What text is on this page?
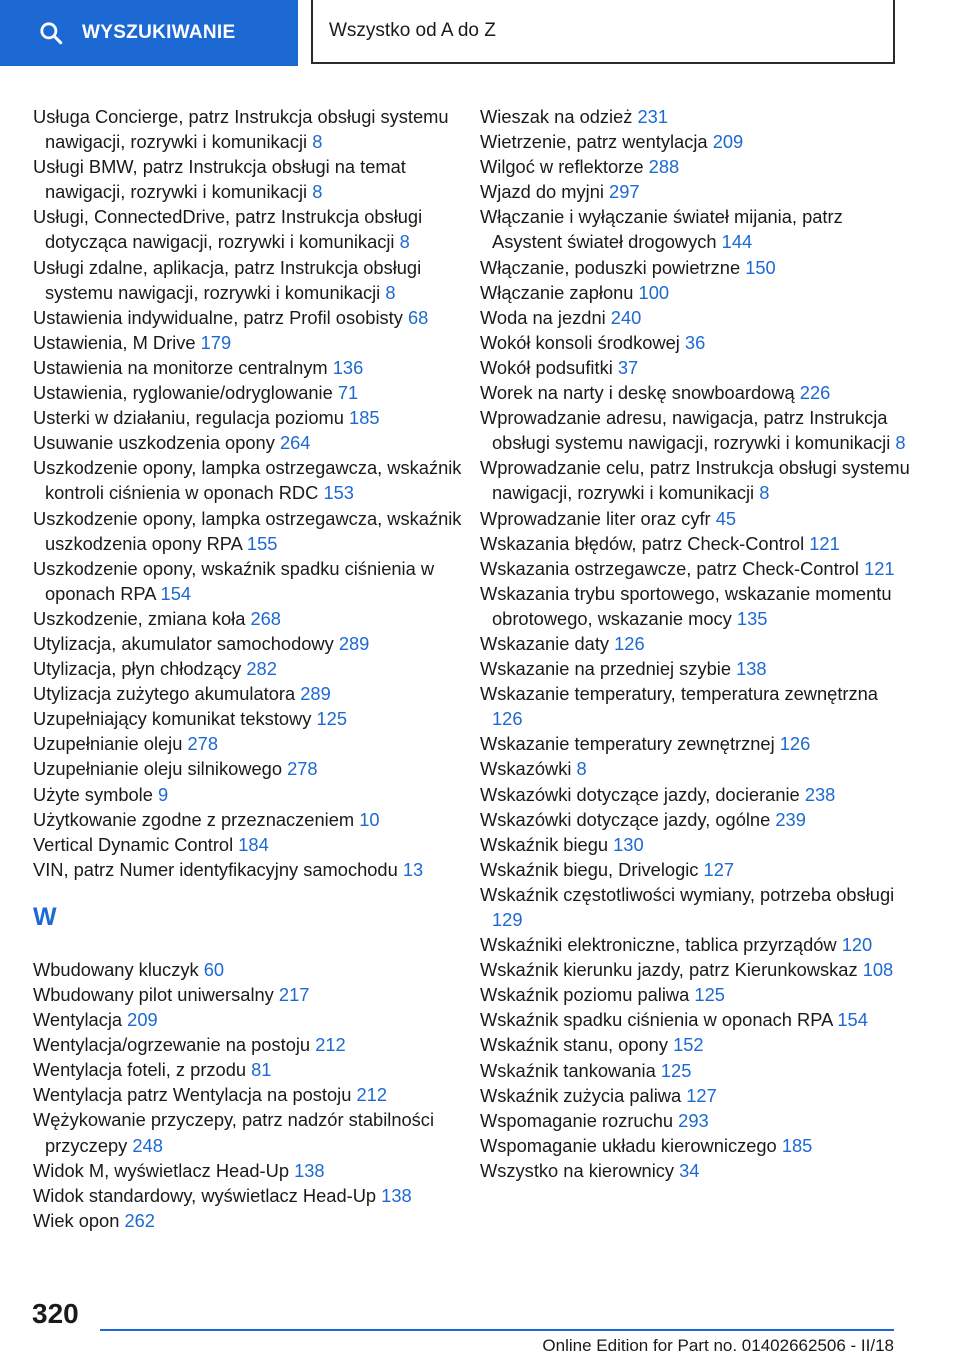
WYSZUKIWANIE	Wszystko od A do Z

Usługa Concierge, patrz Instrukcja obsługi systemu nawigacji, rozrywki i komunikacji 8

Usługi BMW, patrz Instrukcja obsługi na temat nawigacji, rozrywki i komunikacji 8

Usługi, ConnectedDrive, patrz Instrukcja obsługi dotycząca nawigacji, rozrywki i komunikacji 8

Usługi zdalne, aplikacja, patrz Instrukcja obsługi systemu nawigacji, rozrywki i komunikacji 8

Ustawienia indywidualne, patrz Profil osobisty 68

Ustawienia, M Drive 179

Ustawienia na monitorze centralnym 136

Ustawienia, ryglowanie/odryglowanie 71

Usterki w działaniu, regulacja poziomu 185

Usuwanie uszkodzenia opony 264

Uszkodzenie opony, lampka ostrzegawcza, wskaźnik kontroli ciśnienia w oponach RDC 153

Uszkodzenie opony, lampka ostrzegawcza, wskaźnik uszkodzenia opony RPA 155

Uszkodzenie opony, wskaźnik spadku ciśnienia w oponach RPA 154

Uszkodzenie, zmiana koła 268

Utylizacja, akumulator samochodowy 289

Utylizacja, płyn chłodzący 282

Utylizacja zużytego akumulatora 289

Uzupełniający komunikat tekstowy 125

Uzupełnianie oleju 278

Uzupełnianie oleju silnikowego 278

Użyte symbole 9

Użytkowanie zgodne z przeznaczeniem 10

Vertical Dynamic Control 184

VIN, patrz Numer identyfikacyjny samochodu 13

W

Wbudowany kluczyk 60

Wbudowany pilot uniwersalny 217

Wentylacja 209

Wentylacja/ogrzewanie na postoju 212

Wentylacja foteli, z przodu 81

Wentylacja patrz Wentylacja na postoju 212

Wężykowanie przyczepy, patrz nadzór stabilności przyczepy 248

Widok M, wyświetlacz Head-Up 138

Widok standardowy, wyświetlacz Head-Up 138

Wiek opon 262

Wieszak na odzież 231

Wietrzenie, patrz wentylacja 209

Wilgoć w reflektorze 288

Wjazd do myjni 297

Włączanie i wyłączanie świateł mijania, patrz Asystent świateł drogowych 144

Włączanie, poduszki powietrzne 150

Włączanie zapłonu 100

Woda na jezdni 240

Wokół konsoli środkowej 36

Wokół podsufitki 37

Worek na narty i deskę snowboardową 226

Wprowadzanie adresu, nawigacja, patrz Instrukcja obsługi systemu nawigacji, rozrywki i komunikacji 8

Wprowadzanie celu, patrz Instrukcja obsługi systemu nawigacji, rozrywki i komunikacji 8

Wprowadzanie liter oraz cyfr 45

Wskazania błędów, patrz Check-Control 121

Wskazania ostrzegawcze, patrz Check-Control 121

Wskazania trybu sportowego, wskazanie momentu obrotowego, wskazanie mocy 135

Wskazanie daty 126

Wskazanie na przedniej szybie 138

Wskazanie temperatury, temperatura zewnętrzna 126

Wskazanie temperatury zewnętrznej 126

Wskazówki 8

Wskazówki dotyczące jazdy, docieranie 238

Wskazówki dotyczące jazdy, ogólne 239

Wskaźnik biegu 130

Wskaźnik biegu, Drivelogic 127

Wskaźnik częstotliwości wymiany, potrzeba obsługi 129

Wskaźniki elektroniczne, tablica przyrządów 120

Wskaźnik kierunku jazdy, patrz Kierunkowskaz 108

Wskaźnik poziomu paliwa 125

Wskaźnik spadku ciśnienia w oponach RPA 154

Wskaźnik stanu, opony 152

Wskaźnik tankowania 125

Wskaźnik zużycia paliwa 127

Wspomaganie rozruchu 293

Wspomaganie układu kierowniczego 185

Wszystko na kierownicy 34

320
Online Edition for Part no. 01402662506 - II/18
